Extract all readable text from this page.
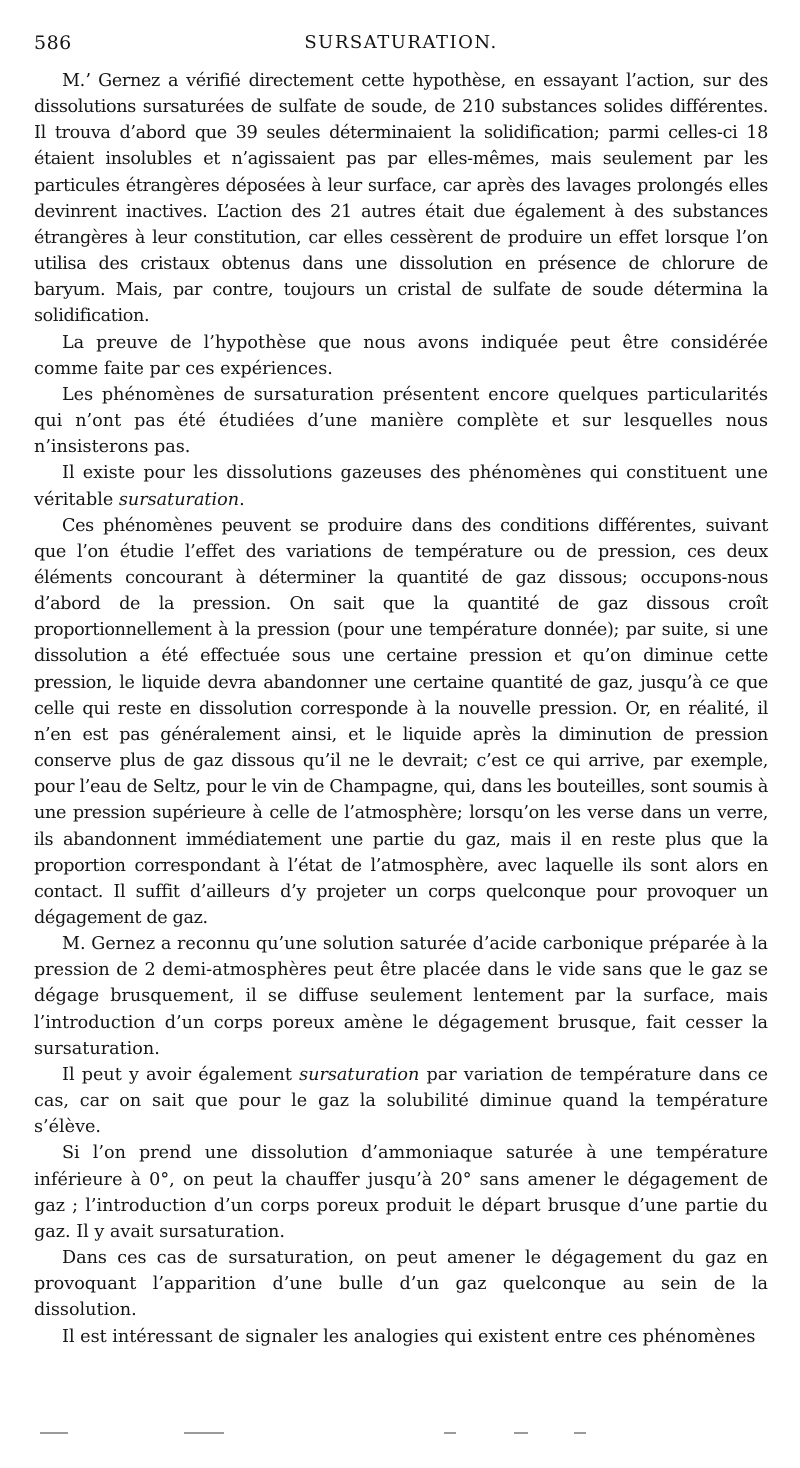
586	SURSATURATION.

M.ʼ Gernez a vérifié directement cette hypothèse, en essayant l’action, sur des dissolutions sursaturées de sulfate de soude, de 210 substances solides différentes. Il trouva d’abord que 39 seules déterminaient la solidification; parmi celles-ci 18 étaient insolubles et n’agissaient pas par elles-mêmes, mais seulement par les particules étrangères déposées à leur surface, car après des lavages prolongés elles devinrent inactives. L’action des 21 autres était due également à des substances étrangères à leur constitution, car elles cessèrent de produire un effet lorsque l’on utilisa des cristaux obtenus dans une dissolution en présence de chlorure de baryum. Mais, par contre, toujours un cristal de sulfate de soude détermina la solidification.

La preuve de l’hypothèse que nous avons indiquée peut être considérée comme faite par ces expériences.

Les phénomènes de sursaturation présentent encore quelques particularités qui n’ont pas été étudiées d’une manière complète et sur lesquelles nous n’insisterons pas.

Il existe pour les dissolutions gazeuses des phénomènes qui constituent une véritable sursaturation.

Ces phénomènes peuvent se produire dans des conditions différentes, suivant que l’on étudie l’effet des variations de température ou de pression, ces deux éléments concourant à déterminer la quantité de gaz dissous; occupons-nous d’abord de la pression. On sait que la quantité de gaz dissous croît proportionnellement à la pression (pour une température donnée); par suite, si une dissolution a été effectuée sous une certaine pression et qu’on diminue cette pression, le liquide devra abandonner une certaine quantité de gaz, jusqu’à ce que celle qui reste en dissolution corresponde à la nouvelle pression. Or, en réalité, il n’en est pas généralement ainsi, et le liquide après la diminution de pression conserve plus de gaz dissous qu’il ne le devrait; c’est ce qui arrive, par exemple, pour l’eau de Seltz, pour le vin de Champagne, qui, dans les bouteilles, sont soumis à une pression supérieure à celle de l’atmosphère; lorsqu’on les verse dans un verre, ils abandonnent immédiatement une partie du gaz, mais il en reste plus que la proportion correspondant à l’état de l’atmosphère, avec laquelle ils sont alors en contact. Il suffit d’ailleurs d’y projeter un corps quelconque pour provoquer un dégagement de gaz.

M. Gernez a reconnu qu’une solution saturée d’acide carbonique préparée à la pression de 2 demi-atmosphères peut être placée dans le vide sans que le gaz se dégage brusquement, il se diffuse seulement lentement par la surface, mais l’introduction d’un corps poreux amène le dégagement brusque, fait cesser la sursaturation.

Il peut y avoir également sursaturation par variation de température dans ce cas, car on sait que pour le gaz la solubilité diminue quand la température s’élève.

Si l’on prend une dissolution d’ammoniaque saturée à une température inférieure à 0°, on peut la chauffer jusqu’à 20° sans amener le dégagement de gaz ; l’introduction d’un corps poreux produit le départ brusque d’une partie du gaz. Il y avait sursaturation.

Dans ces cas de sursaturation, on peut amener le dégagement du gaz en provoquant l’apparition d’une bulle d’un gaz quelconque au sein de la dissolution.

Il est intéressant de signaler les analogies qui existent entre ces phénomènes
